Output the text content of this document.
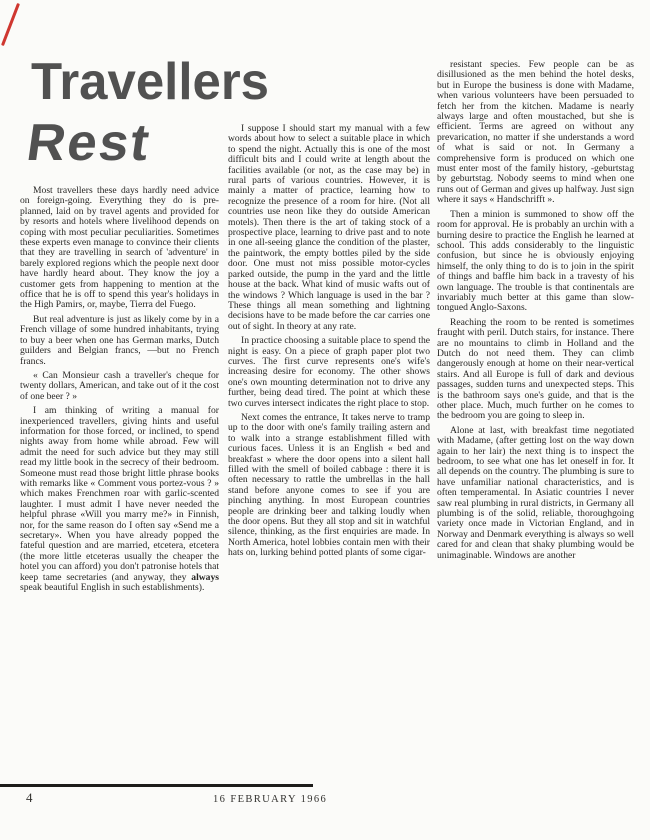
Travellers
Rest

Most travellers these days hardly need advice on foreign-going. Everything they do is pre-planned, laid on by travel agents and provided for by resorts and hotels where livelihood depends on coping with most peculiar peculiarities. Sometimes these experts even manage to convince their clients that they are travelling in search of 'adventure' in barely explored regions which the people next door have hardly heard about. They know the joy a customer gets from happening to mention at the office that he is off to spend this year's holidays in the High Pamirs, or, maybe, Tierra del Fuego.

But real adventure is just as likely come by in a French village of some hundred inhabitants, trying to buy a beer when one has German marks, Dutch guilders and Belgian francs, —but no French francs.

« Can Monsieur cash a traveller's cheque for twenty dollars, American, and take out of it the cost of one beer ? »

I am thinking of writing a manual for inexperienced travellers, giving hints and useful information for those forced, or inclined, to spend nights away from home while abroad. Few will admit the need for such advice but they may still read my little book in the secrecy of their bedroom. Someone must read those bright little phrase books with remarks like « Comment vous portez-vous ? » which makes Frenchmen roar with garlic-scented laughter. I must admit I have never needed the helpful phrase «Will you marry me?» in Finnish, nor, for the same reason do I often say «Send me a secretary». When you have already popped the fateful question and are married, etcetera, etcetera (the more little etceteras usually the cheaper the hotel you can afford) you don't patronise hotels that keep tame secretaries (and anyway, they always speak beautiful English in such establishments).

I suppose I should start my manual with a few words about how to select a suitable place in which to spend the night. Actually this is one of the most difficult bits and I could write at length about the facilities available (or not, as the case may be) in rural parts of various countries. However, it is mainly a matter of practice, learning how to recognize the presence of a room for hire. (Not all countries use neon like they do outside American motels). Then there is the art of taking stock of a prospective place, learning to drive past and to note in one all-seeing glance the condition of the plaster, the paintwork, the empty bottles piled by the side door. One must not miss possible motor-cycles parked outside, the pump in the yard and the little house at the back. What kind of music wafts out of the windows ? Which language is used in the bar ? These things all mean something and lightning decisions have to be made before the car carries one out of sight. In theory at any rate.

In practice choosing a suitable place to spend the night is easy. On a piece of graph paper plot two curves. The first curve represents one's wife's increasing desire for economy. The other shows one's own mounting determination not to drive any further, being dead tired. The point at which these two curves intersect indicates the right place to stop.

Next comes the entrance, It takes nerve to tramp up to the door with one's family trailing astern and to walk into a strange establishment filled with curious faces. Unless it is an English « bed and breakfast » where the door opens into a silent hall filled with the smell of boiled cabbage : there it is often necessary to rattle the umbrellas in the hall stand before anyone comes to see if you are pinching anything. In most European countries people are drinking beer and talking loudly when the door opens. But they all stop and sit in watchful silence, thinking, as the first enquiries are made. In North America, hotel lobbies contain men with their hats on, lurking behind potted plants of some cigar-

resistant species. Few people can be as disillusioned as the men behind the hotel desks, but in Europe the business is done with Madame, when various volunteers have been persuaded to fetch her from the kitchen. Madame is nearly always large and often moustached, but she is efficient. Terms are agreed on without any prevarication, no matter if she understands a word of what is said or not. In Germany a comprehensive form is produced on which one must enter most of the family history, -geburtstag by geburtstag. Nobody seems to mind when one runs out of German and gives up halfway. Just sign where it says « Handschrifft ».

Then a minion is summoned to show off the room for approval. He is probably an urchin with a burning desire to practice the English he learned at school. This adds considerably to the linguistic confusion, but since he is obviously enjoying himself, the only thing to do is to join in the spirit of things and baffle him back in a travesty of his own language. The trouble is that continentals are invariably much better at this game than slow-tongued Anglo-Saxons.

Reaching the room to be rented is sometimes fraught with peril. Dutch stairs, for instance. There are no mountains to climb in Holland and the Dutch do not need them. They can climb dangerously enough at home on their near-vertical stairs. And all Europe is full of dark and devious passages, sudden turns and unexpected steps. This is the bathroom says one's guide, and that is the other place. Much, much further on he comes to the bedroom you are going to sleep in.

Alone at last, with breakfast time negotiated with Madame, (after getting lost on the way down again to her lair) the next thing is to inspect the bedroom, to see what one has let oneself in for. It all depends on the country. The plumbing is sure to have unfamiliar national characteristics, and is often temperamental. In Asiatic countries I never saw real plumbing in rural districts, in Germany all plumbing is of the solid, reliable, thoroughgoing variety once made in Victorian England, and in Norway and Denmark everything is always so well cared for and clean that shaky plumbing would be unimaginable. Windows are another

4	16 FEBRUARY 1966
